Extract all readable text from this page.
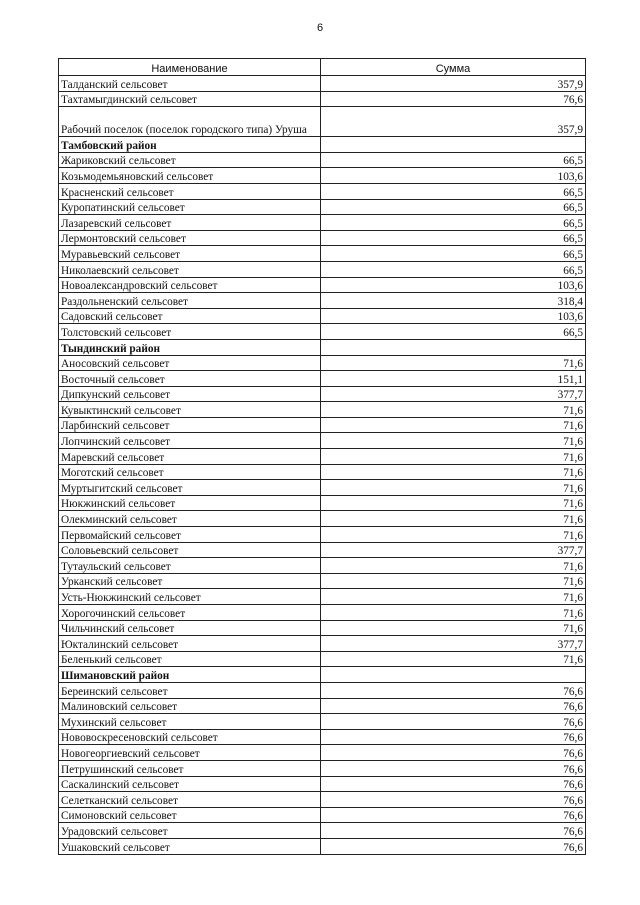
6
Наименование	Сумма
Талданский сельсовет	357,9
Тахтамыгдинский сельсовет	76,6
Рабочий поселок (поселок городского типа) Уруша	357,9
Тамбовский район	
Жариковский сельсовет	66,5
Козьмодемьяновский сельсовет	103,6
Красненский сельсовет	66,5
Куропатинский сельсовет	66,5
Лазаревский сельсовет	66,5
Лермонтовский сельсовет	66,5
Муравьевский сельсовет	66,5
Николаевский сельсовет	66,5
Новоалександровский сельсовет	103,6
Раздольненский сельсовет	318,4
Садовский сельсовет	103,6
Толстовский сельсовет	66,5
Тындинский район	
Аносовский сельсовет	71,6
Восточный сельсовет	151,1
Дипкунский сельсовет	377,7
Кувыктинский сельсовет	71,6
Ларбинский сельсовет	71,6
Лопчинский сельсовет	71,6
Маревский сельсовет	71,6
Моготский сельсовет	71,6
Муртыгитский сельсовет	71,6
Нюкжинский сельсовет	71,6
Олекминский сельсовет	71,6
Первомайский сельсовет	71,6
Соловьевский сельсовет	377,7
Тутаульский сельсовет	71,6
Урканский сельсовет	71,6
Усть-Нюкжинский сельсовет	71,6
Хорогочинский сельсовет	71,6
Чильчинский сельсовет	71,6
Юкталинский сельсовет	377,7
Беленький сельсовет	71,6
Шимановский район	
Береинский сельсовет	76,6
Малиновский сельсовет	76,6
Мухинский сельсовет	76,6
Нововоскресеновский сельсовет	76,6
Новогеоргиевский сельсовет	76,6
Петрушинский сельсовет	76,6
Саскалинский сельсовет	76,6
Селетканский сельсовет	76,6
Симоновский сельсовет	76,6
Урадовский сельсовет	76,6
Ушаковский сельсовет	76,6
